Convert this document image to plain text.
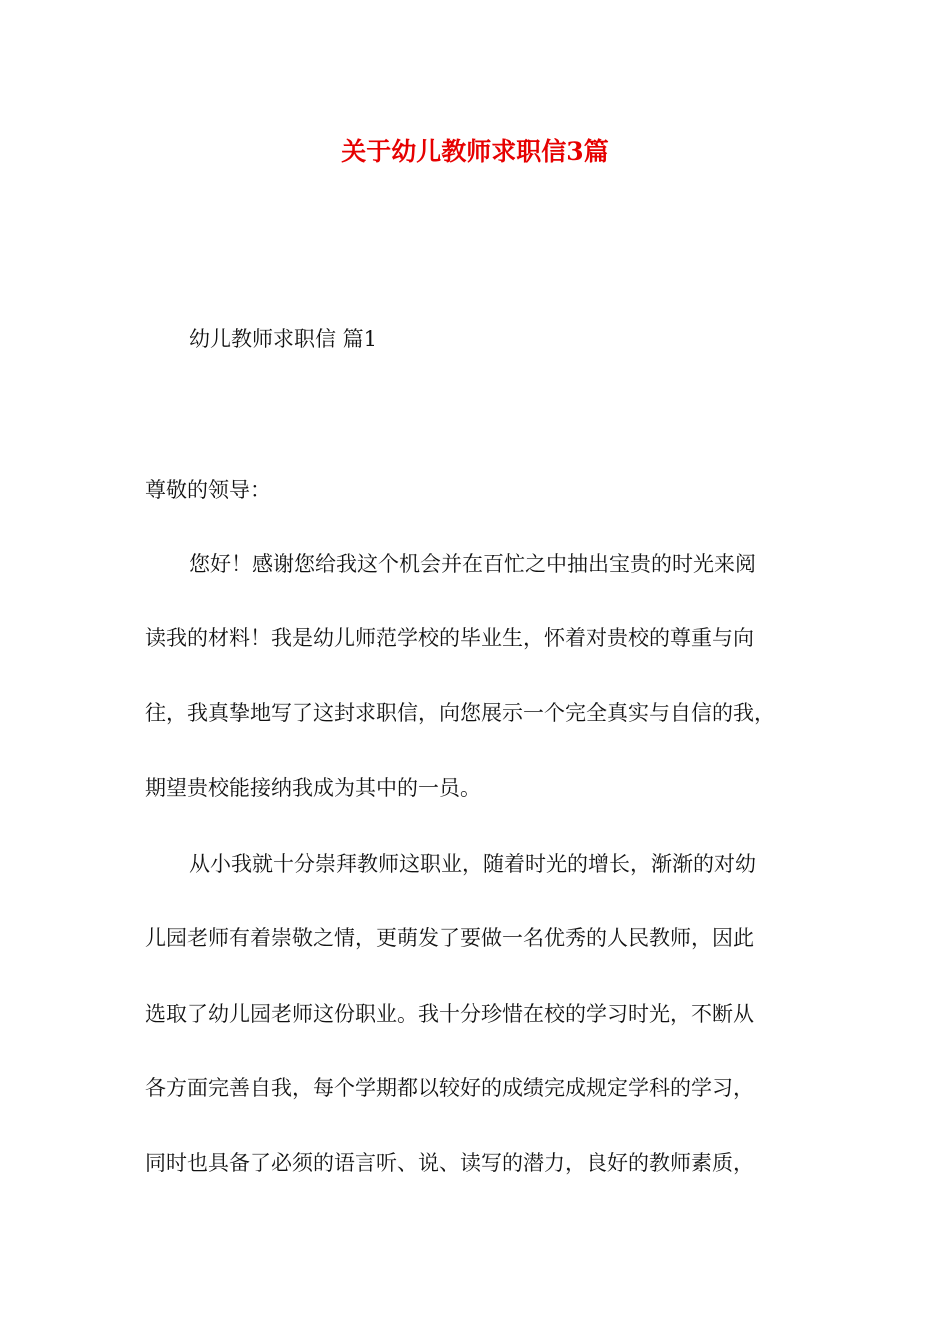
关于幼儿教师求职信3篇
幼儿教师求职信 篇1
尊敬的领导：
您好！感谢您给我这个机会并在百忙之中抽出宝贵的时光来阅
读我的材料！我是幼儿师范学校的毕业生，怀着对贵校的尊重与向
往，我真挚地写了这封求职信，向您展示一个完全真实与自信的我，
期望贵校能接纳我成为其中的一员。
从小我就十分崇拜教师这职业，随着时光的增长，渐渐的对幼
儿园老师有着崇敬之情，更萌发了要做一名优秀的人民教师，因此
选取了幼儿园老师这份职业。我十分珍惜在校的学习时光，不断从
各方面完善自我，每个学期都以较好的成绩完成规定学科的学习，
同时也具备了必须的语言听、说、读写的潜力，良好的教师素质，
